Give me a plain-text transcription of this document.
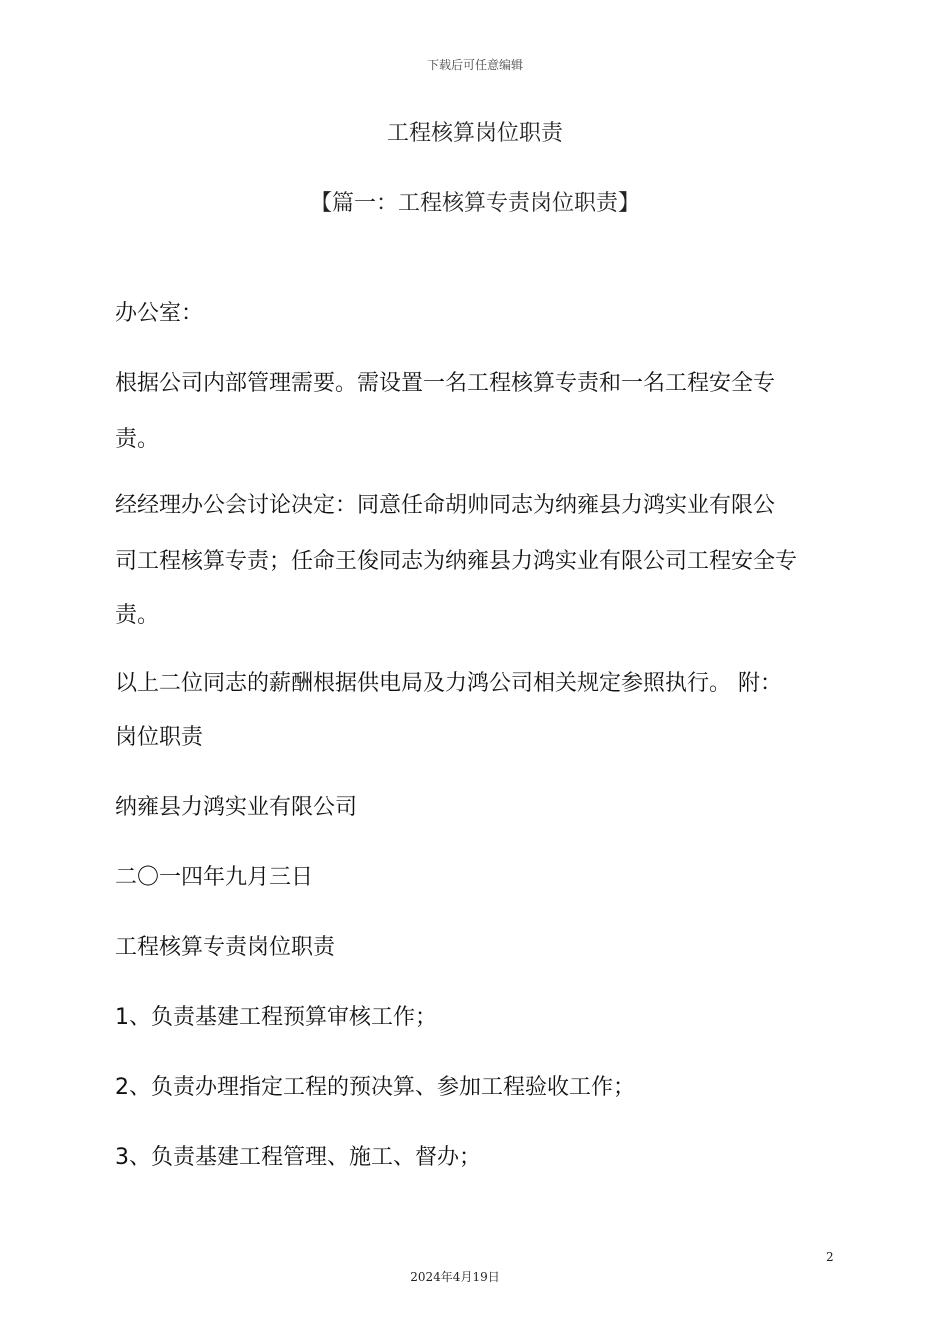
下载后可任意编辑
工程核算岗位职责
【篇一：工程核算专责岗位职责】
办公室：
根据公司内部管理需要。需设置一名工程核算专责和一名工程安全专
责。
经经理办公会讨论决定：同意任命胡帅同志为纳雍县力鸿实业有限公
司工程核算专责；任命王俊同志为纳雍县力鸿实业有限公司工程安全专
责。
以上二位同志的薪酬根据供电局及力鸿公司相关规定参照执行。 附：
岗位职责
纳雍县力鸿实业有限公司
二〇一四年九月三日
工程核算专责岗位职责
1、负责基建工程预算审核工作；
2、负责办理指定工程的预决算、参加工程验收工作；
3、负责基建工程管理、施工、督办；
2
2024年4月19日
